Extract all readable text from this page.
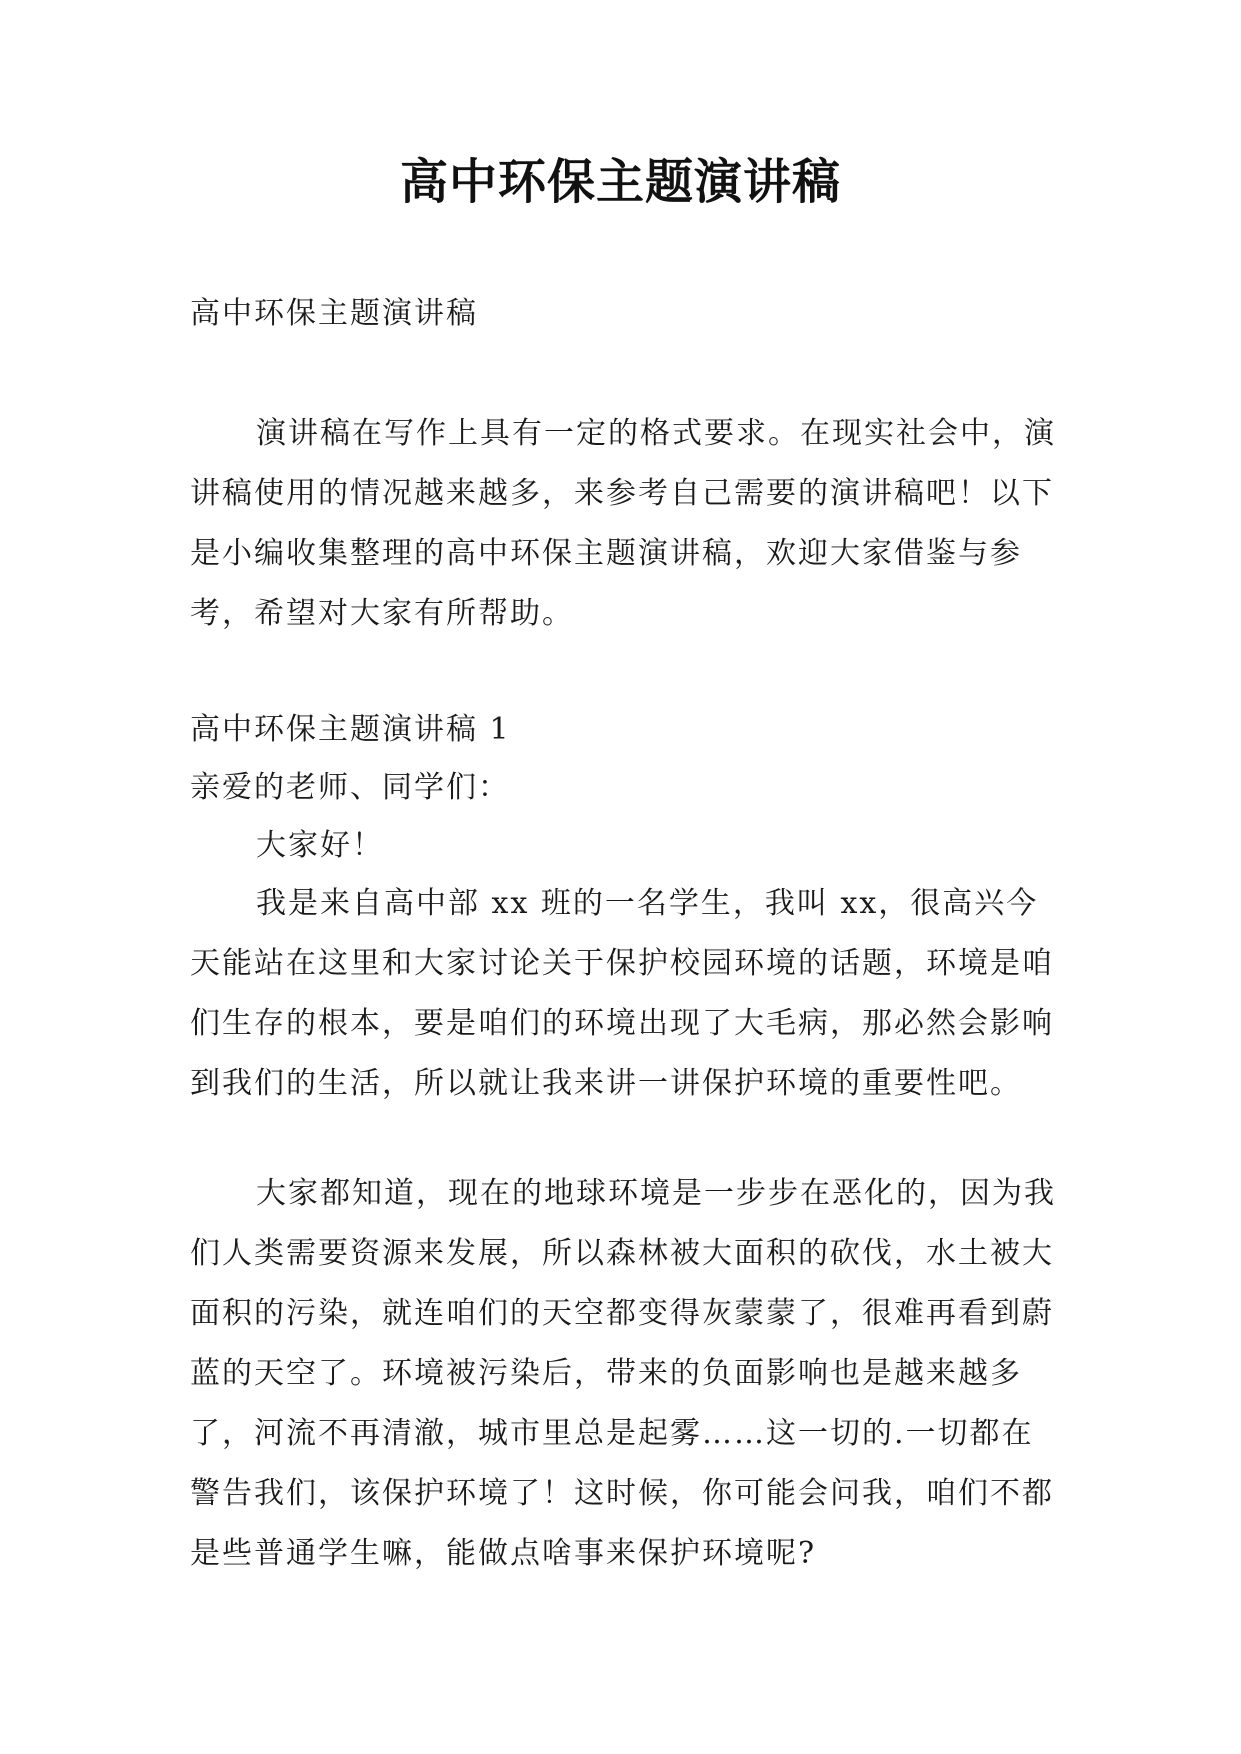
高中环保主题演讲稿
高中环保主题演讲稿
演讲稿在写作上具有一定的格式要求。在现实社会中，演讲稿使用的情况越来越多，来参考自己需要的演讲稿吧！以下是小编收集整理的高中环保主题演讲稿，欢迎大家借鉴与参考，希望对大家有所帮助。
高中环保主题演讲稿 1
亲爱的老师、同学们：
大家好！
我是来自高中部 xx 班的一名学生，我叫 xx，很高兴今天能站在这里和大家讨论关于保护校园环境的话题，环境是咱们生存的根本，要是咱们的环境出现了大毛病，那必然会影响到我们的生活，所以就让我来讲一讲保护环境的重要性吧。
大家都知道，现在的地球环境是一步步在恶化的，因为我们人类需要资源来发展，所以森林被大面积的砍伐，水土被大面积的污染，就连咱们的天空都变得灰蒙蒙了，很难再看到蔚蓝的天空了。环境被污染后，带来的负面影响也是越来越多了，河流不再清澈，城市里总是起雾……这一切的.一切都在警告我们，该保护环境了！这时候，你可能会问我，咱们不都是些普通学生嘛，能做点啥事来保护环境呢?
